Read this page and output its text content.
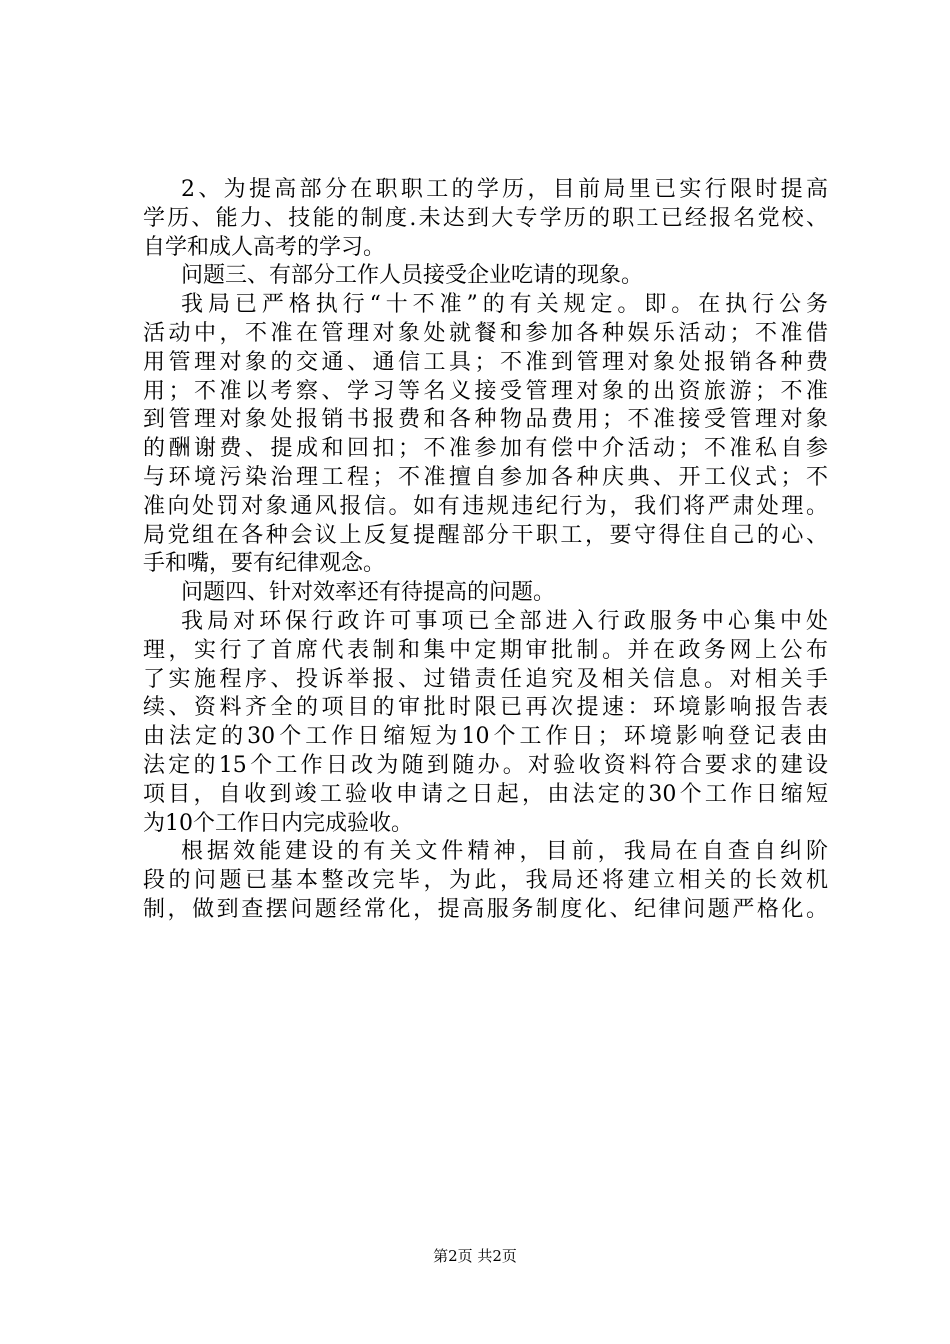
2、为提高部分在职职工的学历，目前局里已实行限时提高
学历、能力、技能的制度.未达到大专学历的职工已经报名党校、
自学和成人高考的学习。
问题三、有部分工作人员接受企业吃请的现象。
我局已严格执行“十不准”的有关规定。即。在执行公务
活动中，不准在管理对象处就餐和参加各种娱乐活动；不准借
用管理对象的交通、通信工具；不准到管理对象处报销各种费
用；不准以考察、学习等名义接受管理对象的出资旅游；不准
到管理对象处报销书报费和各种物品费用；不准接受管理对象
的酬谢费、提成和回扣；不准参加有偿中介活动；不准私自参
与环境污染治理工程；不准擅自参加各种庆典、开工仪式；不
准向处罚对象通风报信。如有违规违纪行为，我们将严肃处理。
局党组在各种会议上反复提醒部分干职工，要守得住自己的心、
手和嘴，要有纪律观念。
问题四、针对效率还有待提高的问题。
我局对环保行政许可事项已全部进入行政服务中心集中处
理，实行了首席代表制和集中定期审批制。并在政务网上公布
了实施程序、投诉举报、过错责任追究及相关信息。对相关手
续、资料齐全的项目的审批时限已再次提速：环境影响报告表
由法定的30个工作日缩短为10个工作日；环境影响登记表由
法定的15个工作日改为随到随办。对验收资料符合要求的建设
项目，自收到竣工验收申请之日起，由法定的30个工作日缩短
为10个工作日内完成验收。
根据效能建设的有关文件精神，目前，我局在自查自纠阶
段的问题已基本整改完毕，为此，我局还将建立相关的长效机
制，做到查摆问题经常化，提高服务制度化、纪律问题严格化。
第2页 共2页
